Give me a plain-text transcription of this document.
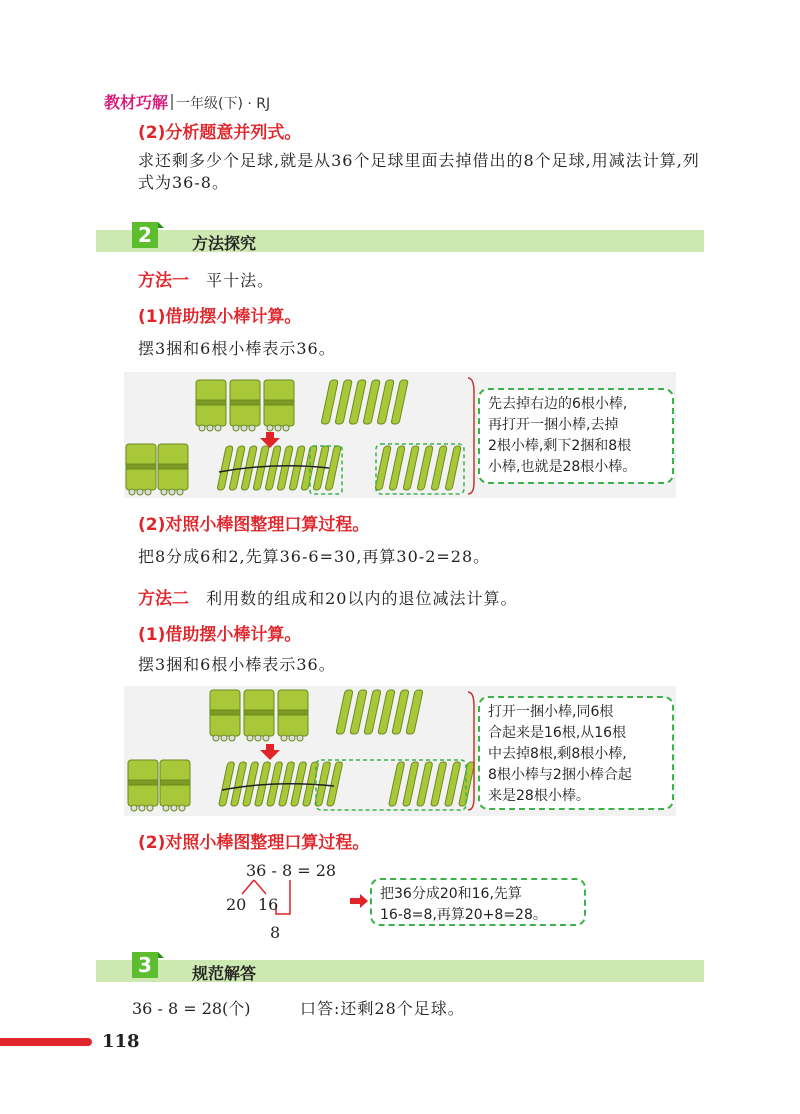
教材巧解 一年级(下) · RJ
(2)分析题意并列式。
求还剩多少个足球,就是从36个足球里面去掉借出的8个足球,用减法计算,列式为36-8。
2	方法探究
方法一 平十法。
(1)借助摆小棒计算。
摆3捆和6根小棒表示36。
先去掉右边的6根小棒,
再打开一捆小棒,去掉
2根小棒,剩下2捆和8根
小棒,也就是28根小棒。
(2)对照小棒图整理口算过程。
把8分成6和2,先算36-6=30,再算30-2=28。
方法二 利用数的组成和20以内的退位减法计算。
(1)借助摆小棒计算。
摆3捆和6根小棒表示36。
打开一捆小棒,同6根
合起来是16根,从16根
中去掉8根,剩8根小棒,
8根小棒与2捆小棒合起
来是28根小棒。
(2)对照小棒图整理口算过程。
36 - 8 = 28
20 16
8
把36分成20和16,先算
16-8=8,再算20+8=28。
3	规范解答
36 - 8 = 28(个)	口答:还剩28个足球。
118
